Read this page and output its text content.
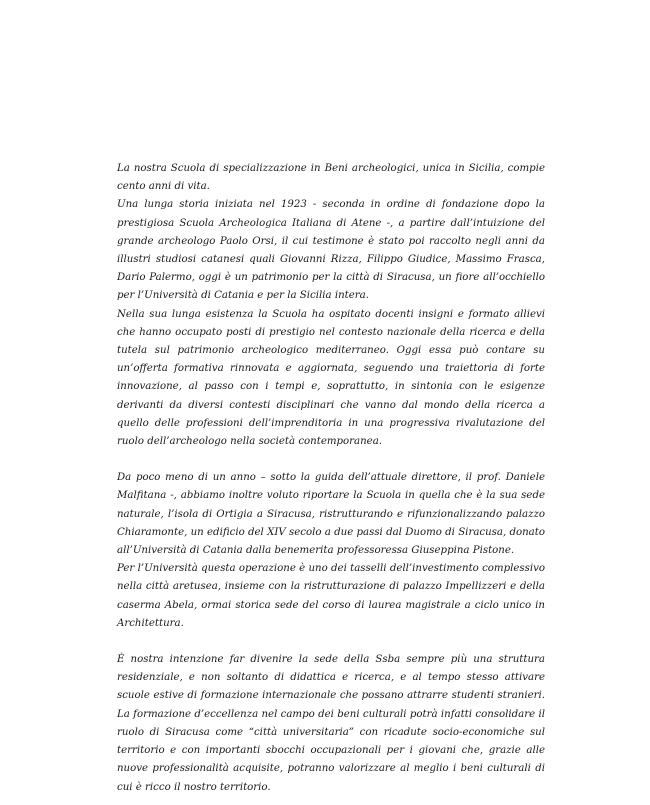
La nostra Scuola di specializzazione in Beni archeologici, unica in Sicilia, compie cento anni di vita.

Una lunga storia iniziata nel 1923 - seconda in ordine di fondazione dopo la prestigiosa Scuola Archeologica Italiana di Atene -, a partire dall’intuizione del grande archeologo Paolo Orsi, il cui testimone è stato poi raccolto negli anni da illustri studiosi catanesi quali Giovanni Rizza, Filippo Giudice, Massimo Frasca, Dario Palermo, oggi è un patrimonio per la città di Siracusa, un fiore all’occhiello per l’Università di Catania e per la Sicilia intera.

Nella sua lunga esistenza la Scuola ha ospitato docenti insigni e formato allievi che hanno occupato posti di prestigio nel contesto nazionale della ricerca e della tutela sul patrimonio archeologico mediterraneo. Oggi essa può contare su un’offerta formativa rinnovata e aggiornata, seguendo una traiettoria di forte innovazione, al passo con i tempi e, soprattutto, in sintonia con le esigenze derivanti da diversi contesti disciplinari che vanno dal mondo della ricerca a quello delle professioni dell’imprenditoria in una progressiva rivalutazione del ruolo dell’archeologo nella società contemporanea.

Da poco meno di un anno – sotto la guida dell’attuale direttore, il prof. Daniele Malfitana -, abbiamo inoltre voluto riportare la Scuola in quella che è la sua sede naturale, l’isola di Ortigia a Siracusa, ristrutturando e rifunzionalizzando palazzo Chiaramonte, un edificio del XIV secolo a due passi dal Duomo di Siracusa, donato all’Università di Catania dalla benemerita professoressa Giuseppina Pistone.

Per l’Università questa operazione è uno dei tasselli dell’investimento complessivo nella città aretusea, insieme con la ristrutturazione di palazzo Impellizzeri e della caserma Abela, ormai storica sede del corso di laurea magistrale a ciclo unico in Architettura.

È nostra intenzione far divenire la sede della Ssba sempre più una struttura residenziale, e non soltanto di didattica e ricerca, e al tempo stesso attivare scuole estive di formazione internazionale che possano attrarre studenti stranieri. La formazione d’eccellenza nel campo dei beni culturali potrà infatti consolidare il ruolo di Siracusa come “città universitaria” con ricadute socio-economiche sul territorio e con importanti sbocchi occupazionali per i giovani che, grazie alle nuove professionalità acquisite, potranno valorizzare al meglio i beni culturali di cui è ricco il nostro territorio.
